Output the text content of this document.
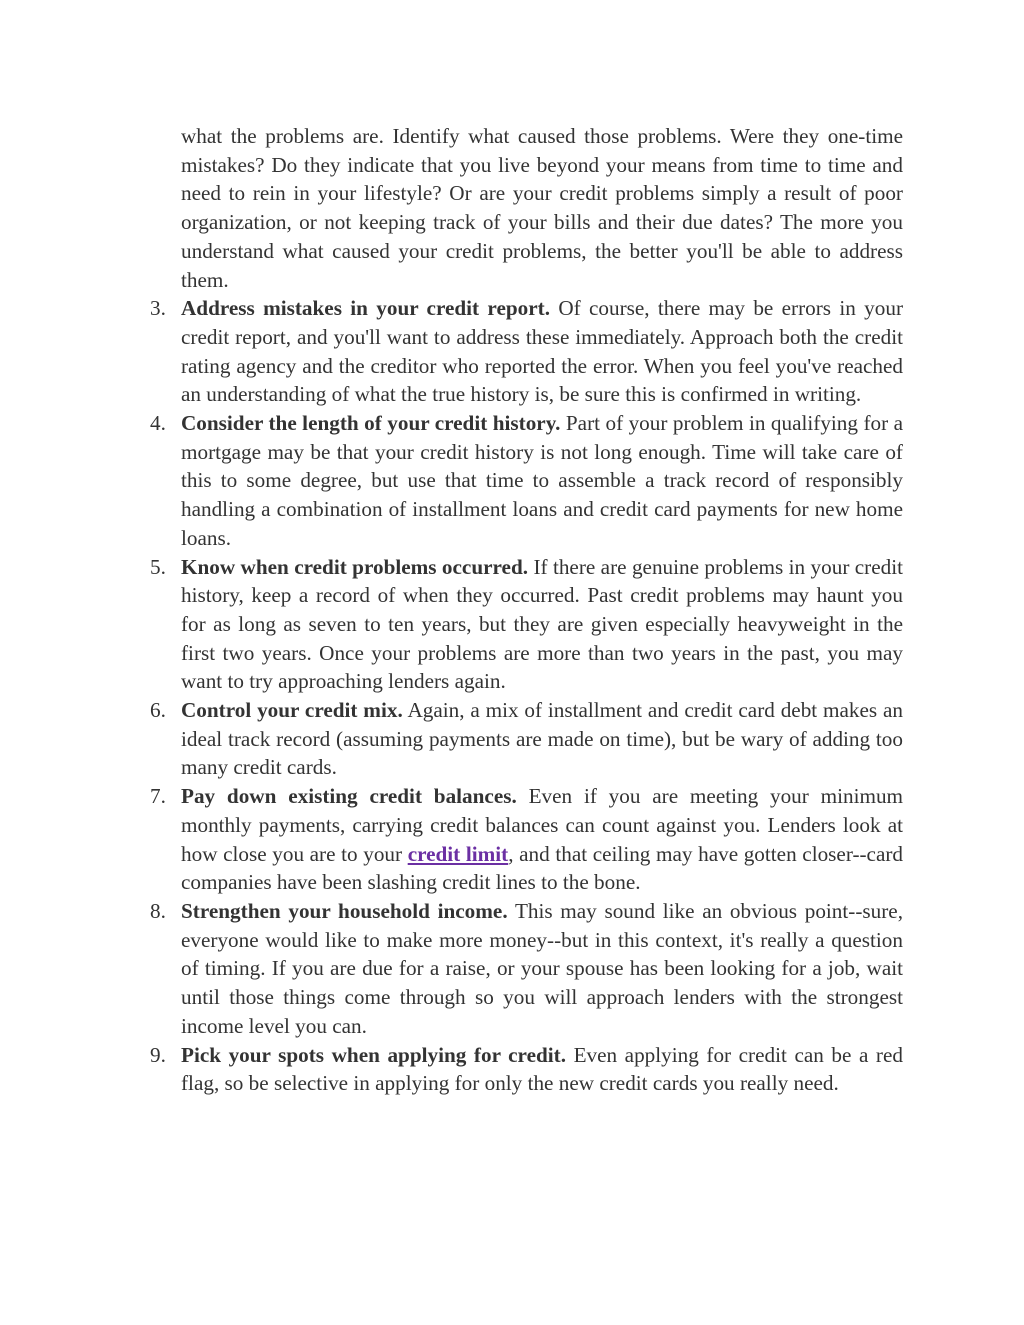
what the problems are. Identify what caused those problems. Were they one-time mistakes? Do they indicate that you live beyond your means from time to time and need to rein in your lifestyle? Or are your credit problems simply a result of poor organization, or not keeping track of your bills and their due dates? The more you understand what caused your credit problems, the better you'll be able to address them.

3. Address mistakes in your credit report. Of course, there may be errors in your credit report, and you'll want to address these immediately. Approach both the credit rating agency and the creditor who reported the error. When you feel you've reached an understanding of what the true history is, be sure this is confirmed in writing.
4. Consider the length of your credit history. Part of your problem in qualifying for a mortgage may be that your credit history is not long enough. Time will take care of this to some degree, but use that time to assemble a track record of responsibly handling a combination of installment loans and credit card payments for new home loans.
5. Know when credit problems occurred. If there are genuine problems in your credit history, keep a record of when they occurred. Past credit problems may haunt you for as long as seven to ten years, but they are given especially heavyweight in the first two years. Once your problems are more than two years in the past, you may want to try approaching lenders again.
6. Control your credit mix. Again, a mix of installment and credit card debt makes an ideal track record (assuming payments are made on time), but be wary of adding too many credit cards.
7. Pay down existing credit balances. Even if you are meeting your minimum monthly payments, carrying credit balances can count against you. Lenders look at how close you are to your credit limit, and that ceiling may have gotten closer--card companies have been slashing credit lines to the bone.
8. Strengthen your household income. This may sound like an obvious point--sure, everyone would like to make more money--but in this context, it's really a question of timing. If you are due for a raise, or your spouse has been looking for a job, wait until those things come through so you will approach lenders with the strongest income level you can.
9. Pick your spots when applying for credit. Even applying for credit can be a red flag, so be selective in applying for only the new credit cards you really need.
